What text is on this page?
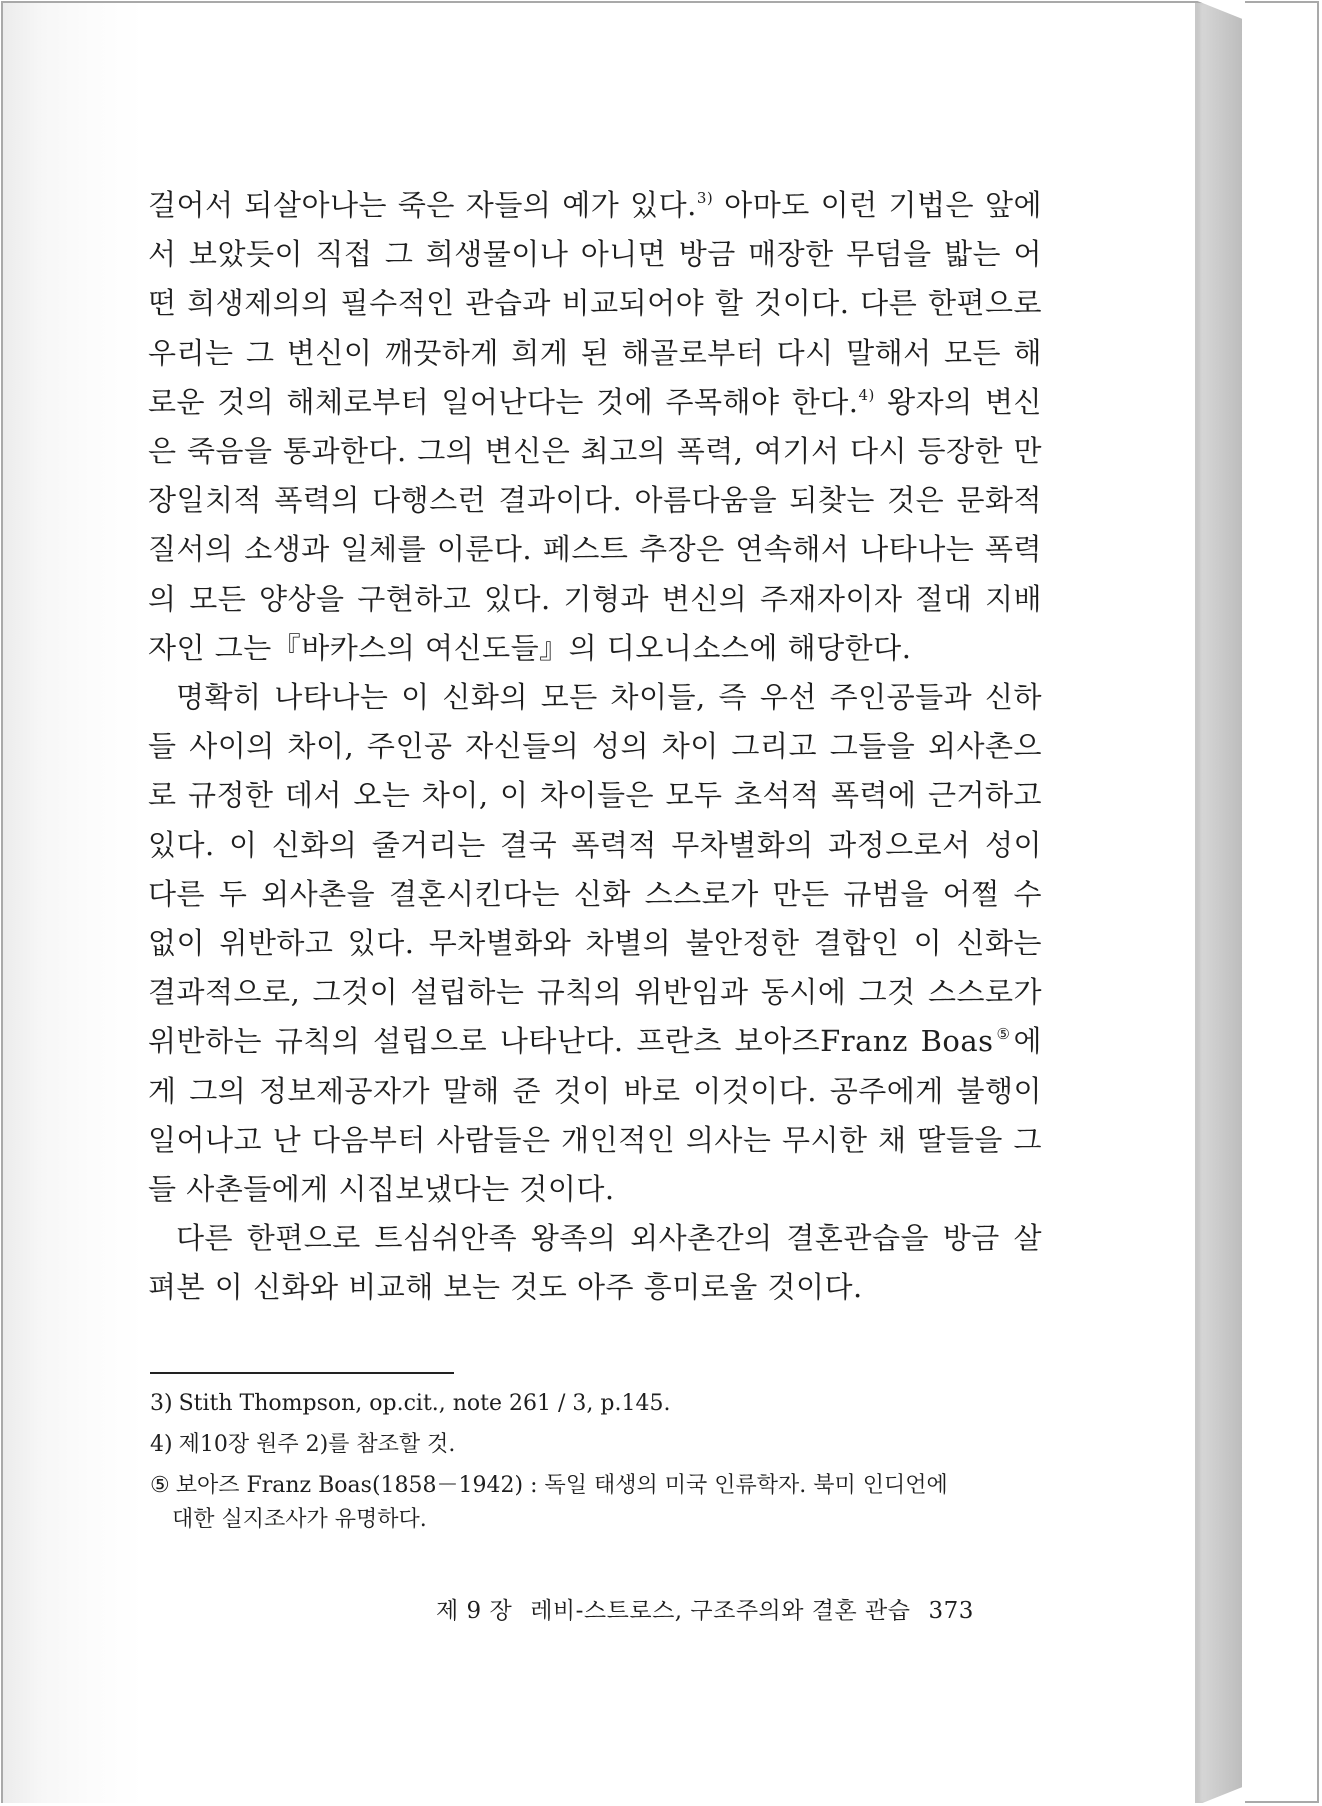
걸어서 되살아나는 죽은 자들의 예가 있다.$^{3)}$ 아마도 이런 기법은 앞에서 보았듯이 직접 그 희생물이나 아니면 방금 매장한 무덤을 밟는 어떤 희생제의의 필수적인 관습과 비교되어야 할 것이다. 다른 한편으로 우리는 그 변신이 깨끗하게 희게 된 해골로부터 다시 말해서 모든 해로운 것의 해체로부터 일어난다는 것에 주목해야 한다.$^{4)}$ 왕자의 변신은 죽음을 통과한다. 그의 변신은 최고의 폭력, 여기서 다시 등장한 만장일치적 폭력의 다행스런 결과이다. 아름다움을 되찾는 것은 문화적 질서의 소생과 일체를 이룬다. 페스트 추장은 연속해서 나타나는 폭력의 모든 양상을 구현하고 있다. 기형과 변신의 주재자이자 절대 지배자인 그는『바카스의 여신도들』의 디오니소스에 해당한다.

명확히 나타나는 이 신화의 모든 차이들, 즉 우선 주인공들과 신하들 사이의 차이, 주인공 자신들의 성의 차이 그리고 그들을 외사촌으로 규정한 데서 오는 차이, 이 차이들은 모두 초석적 폭력에 근거하고 있다. 이 신화의 줄거리는 결국 폭력적 무차별화의 과정으로서 성이 다른 두 외사촌을 결혼시킨다는 신화 스스로가 만든 규범을 어쩔 수 없이 위반하고 있다. 무차별화와 차별의 불안정한 결합인 이 신화는 결과적으로, 그것이 설립하는 규칙의 위반임과 동시에 그것 스스로가 위반하는 규칙의 설립으로 나타난다. 프란츠 보아즈Franz Boas⑤에게 그의 정보제공자가 말해 준 것이 바로 이것이다. 공주에게 불행이 일어나고 난 다음부터 사람들은 개인적인 의사는 무시한 채 딸들을 그들 사촌들에게 시집보냈다는 것이다.

다른 한편으로 트심쉬안족 왕족의 외사촌간의 결혼관습을 방금 살펴본 이 신화와 비교해 보는 것도 아주 흥미로울 것이다.

3) Stith Thompson, op.cit., note 261 / 3, p.145.
4) 제10장 원주 2)를 참조할 것.
⑤ 보아즈 Franz Boas(1858－1942) : 독일 태생의 미국 인류학자. 북미 인디언에
대한 실지조사가 유명하다.
제 9 장 레비-스트로스, 구조주의와 결혼 관습 373
